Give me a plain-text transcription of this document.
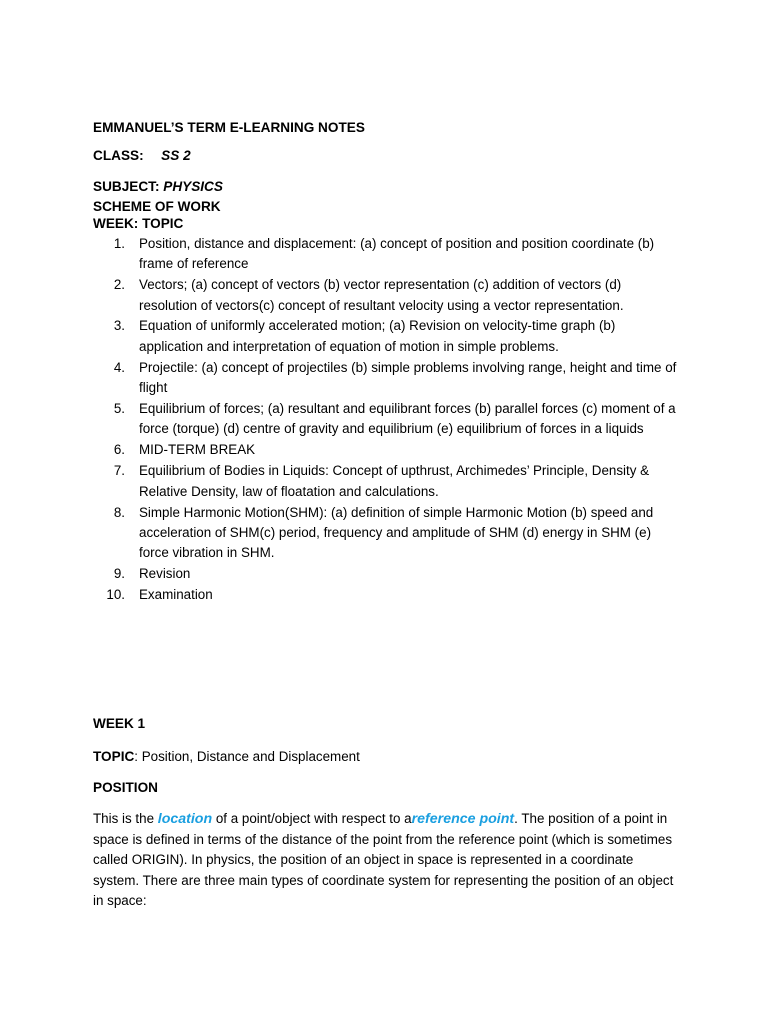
EMMANUEL’S TERM E-LEARNING NOTES
CLASS: SS 2
SUBJECT: PHYSICS
SCHEME OF WORK
WEEK: TOPIC
1. Position, distance and displacement: (a) concept of position and position coordinate (b) frame of reference
2. Vectors; (a) concept of vectors (b) vector representation (c) addition of vectors (d) resolution of vectors(c) concept of resultant velocity using a vector representation.
3. Equation of uniformly accelerated motion; (a) Revision on velocity-time graph (b) application and interpretation of equation of motion in simple problems.
4. Projectile: (a) concept of projectiles (b) simple problems involving range, height and time of flight
5. Equilibrium of forces; (a) resultant and equilibrant forces (b) parallel forces (c) moment of a force (torque) (d) centre of gravity and equilibrium (e) equilibrium of forces in a liquids
6. MID-TERM BREAK
7. Equilibrium of Bodies in Liquids: Concept of upthrust, Archimedes’ Principle, Density & Relative Density, law of floatation and calculations.
8. Simple Harmonic Motion(SHM): (a) definition of simple Harmonic Motion (b) speed and acceleration of SHM(c) period, frequency and amplitude of SHM (d) energy in SHM (e) force vibration in SHM.
9. Revision
10. Examination
WEEK 1
TOPIC: Position, Distance and Displacement
POSITION

This is the location of a point/object with respect to areference point. The position of a point in space is defined in terms of the distance of the point from the reference point (which is sometimes called ORIGIN). In physics, the position of an object in space is represented in a coordinate system. There are three main types of coordinate system for representing the position of an object in space:
